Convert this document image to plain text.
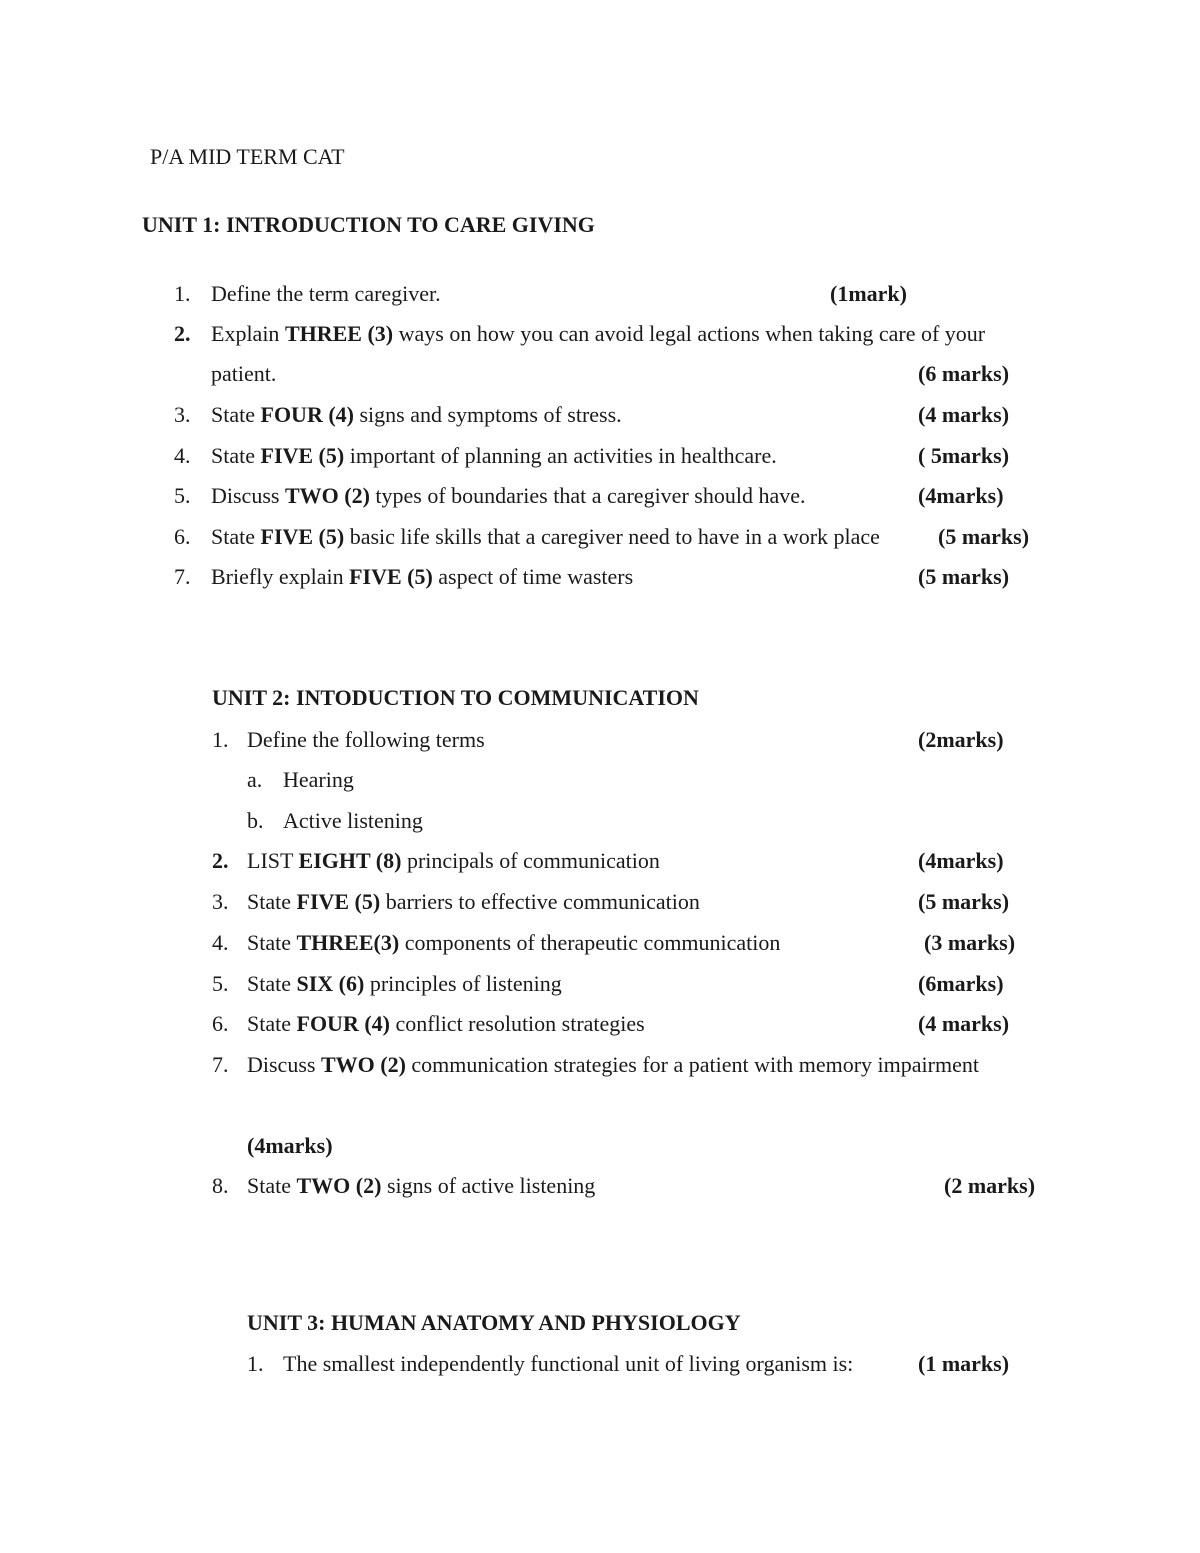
P/A MID TERM CAT
UNIT 1: INTRODUCTION TO CARE GIVING
1. Define the term caregiver.	(1mark)
2. Explain THREE (3) ways on how you can avoid legal actions when taking care of your
patient.	(6 marks)
3. State FOUR (4) signs and symptoms of stress.	(4 marks)
4. State FIVE (5) important of planning an activities in healthcare.	( 5marks)
5. Discuss TWO (2) types of boundaries that a caregiver should have.	(4marks)
6. State FIVE (5) basic life skills that a caregiver need to have in a work place	(5 marks)
7. Briefly explain FIVE (5) aspect of time wasters	(5 marks)
UNIT 2: INTODUCTION TO COMMUNICATION
1. Define the following terms	(2marks)
a. Hearing
b. Active listening
2. LIST EIGHT (8) principals of communication	(4marks)
3. State FIVE (5) barriers to effective communication	(5 marks)
4. State THREE(3) components of therapeutic communication	(3 marks)
5. State SIX (6) principles of listening	(6marks)
6. State FOUR (4) conflict resolution strategies	(4 marks)
7. Discuss TWO (2) communication strategies for a patient with memory impairment
(4marks)
8. State TWO (2) signs of active listening	(2 marks)
UNIT 3: HUMAN ANATOMY AND PHYSIOLOGY
1. The smallest independently functional unit of living organism is:	(1 marks)
